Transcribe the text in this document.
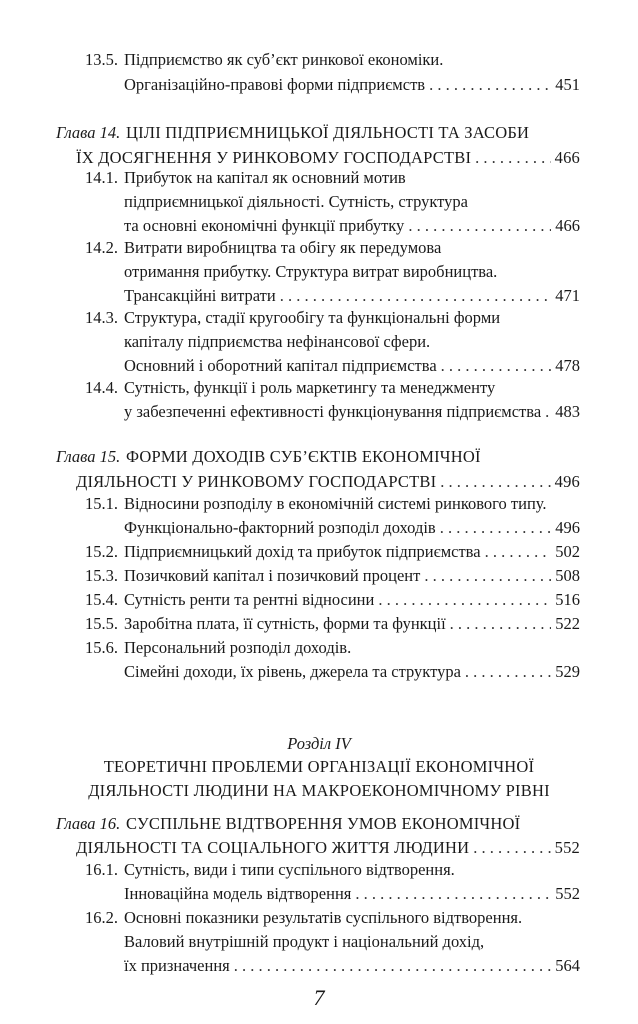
13.5. Підприємство як суб’єкт ринкової економіки.
Організаційно-правові форми підприємств . . .	451
Глава 14. ЦІЛІ ПІДПРИЄМНИЦЬКОЇ ДІЯЛЬНОСТІ ТА ЗАСОБИ
ЇХ ДОСЯГНЕННЯ У РИНКОВОМУ ГОСПОДАРСТВІ . . .	466
14.1. Прибуток на капітал як основний мотив
підприємницької діяльності. Сутність, структура
та основні економічні функції прибутку . . .	466
14.2. Витрати виробництва та обігу як передумова
отримання прибутку. Структура витрат виробництва.
Трансакційні витрати . . .	471
14.3. Структура, стадії кругообігу та функціональні форми
капіталу підприємства нефінансової сфери.
Основний і оборотний капітал підприємства . . .	478
14.4. Сутність, функції і роль маркетингу та менеджменту
у забезпеченні ефективності функціонування підприємства . . . 483
Глава 15. ФОРМИ ДОХОДІВ СУБ’ЄКТІВ ЕКОНОМІЧНОЇ
ДІЯЛЬНОСТІ У РИНКОВОМУ ГОСПОДАРСТВІ . . .	496
15.1. Відносини розподілу в економічній системі ринкового типу.
Функціонально-факторний розподіл доходів . . .	496
15.2. Підприємницький дохід та прибуток підприємства . . .	502
15.3. Позичковий капітал і позичковий процент . . .	508
15.4. Сутність ренти та рентні відносини . . .	516
15.5. Заробітна плата, її сутність, форми та функції . . .	522
15.6. Персональний розподіл доходів.
Сімейні доходи, їх рівень, джерела та структура . . .	529
Розділ IV
ТЕОРЕТИЧНІ ПРОБЛЕМИ ОРГАНІЗАЦІЇ ЕКОНОМІЧНОЇ
ДІЯЛЬНОСТІ ЛЮДИНИ НА МАКРОЕКОНОМІЧНОМУ РІВНІ
Глава 16. СУСПІЛЬНЕ ВІДТВОРЕННЯ УМОВ ЕКОНОМІЧНОЇ
ДІЯЛЬНОСТІ ТА СОЦІАЛЬНОГО ЖИТТЯ ЛЮДИНИ . . .	552
16.1. Сутність, види і типи суспільного відтворення.
Інноваційна модель відтворення . . .	552
16.2. Основні показники результатів суспільного відтворення.
Валовий внутрішній продукт і національний дохід,
їх призначення . . .	564
7
